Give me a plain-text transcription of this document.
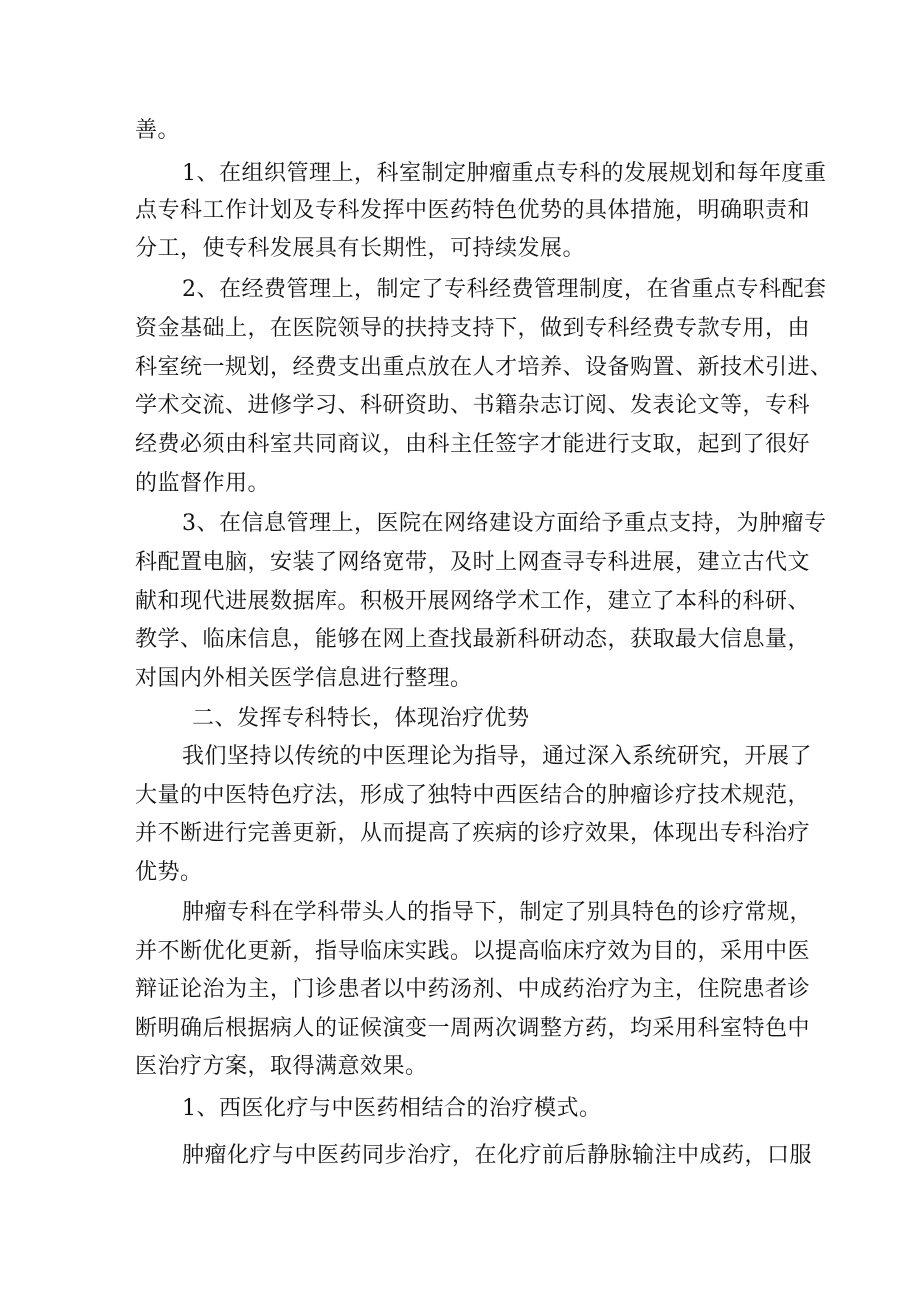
善。
1、在组织管理上，科室制定肿瘤重点专科的发展规划和每年度重
点专科工作计划及专科发挥中医药特色优势的具体措施，明确职责和
分工，使专科发展具有长期性，可持续发展。
2、在经费管理上，制定了专科经费管理制度，在省重点专科配套
资金基础上，在医院领导的扶持支持下，做到专科经费专款专用，由
科室统一规划，经费支出重点放在人才培养、设备购置、新技术引进、
学术交流、进修学习、科研资助、书籍杂志订阅、发表论文等，专科
经费必须由科室共同商议，由科主任签字才能进行支取，起到了很好
的监督作用。
3、在信息管理上，医院在网络建设方面给予重点支持，为肿瘤专
科配置电脑，安装了网络宽带，及时上网查寻专科进展，建立古代文
献和现代进展数据库。积极开展网络学术工作，建立了本科的科研、
教学、临床信息，能够在网上查找最新科研动态，获取最大信息量，
对国内外相关医学信息进行整理。
二、发挥专科特长，体现治疗优势
我们坚持以传统的中医理论为指导，通过深入系统研究，开展了
大量的中医特色疗法，形成了独特中西医结合的肿瘤诊疗技术规范，
并不断进行完善更新，从而提高了疾病的诊疗效果，体现出专科治疗
优势。
肿瘤专科在学科带头人的指导下，制定了别具特色的诊疗常规，
并不断优化更新，指导临床实践。以提高临床疗效为目的，采用中医
辩证论治为主，门诊患者以中药汤剂、中成药治疗为主，住院患者诊
断明确后根据病人的证候演变一周两次调整方药，均采用科室特色中
医治疗方案，取得满意效果。
1、西医化疗与中医药相结合的治疗模式。
肿瘤化疗与中医药同步治疗，在化疗前后静脉输注中成药，口服
